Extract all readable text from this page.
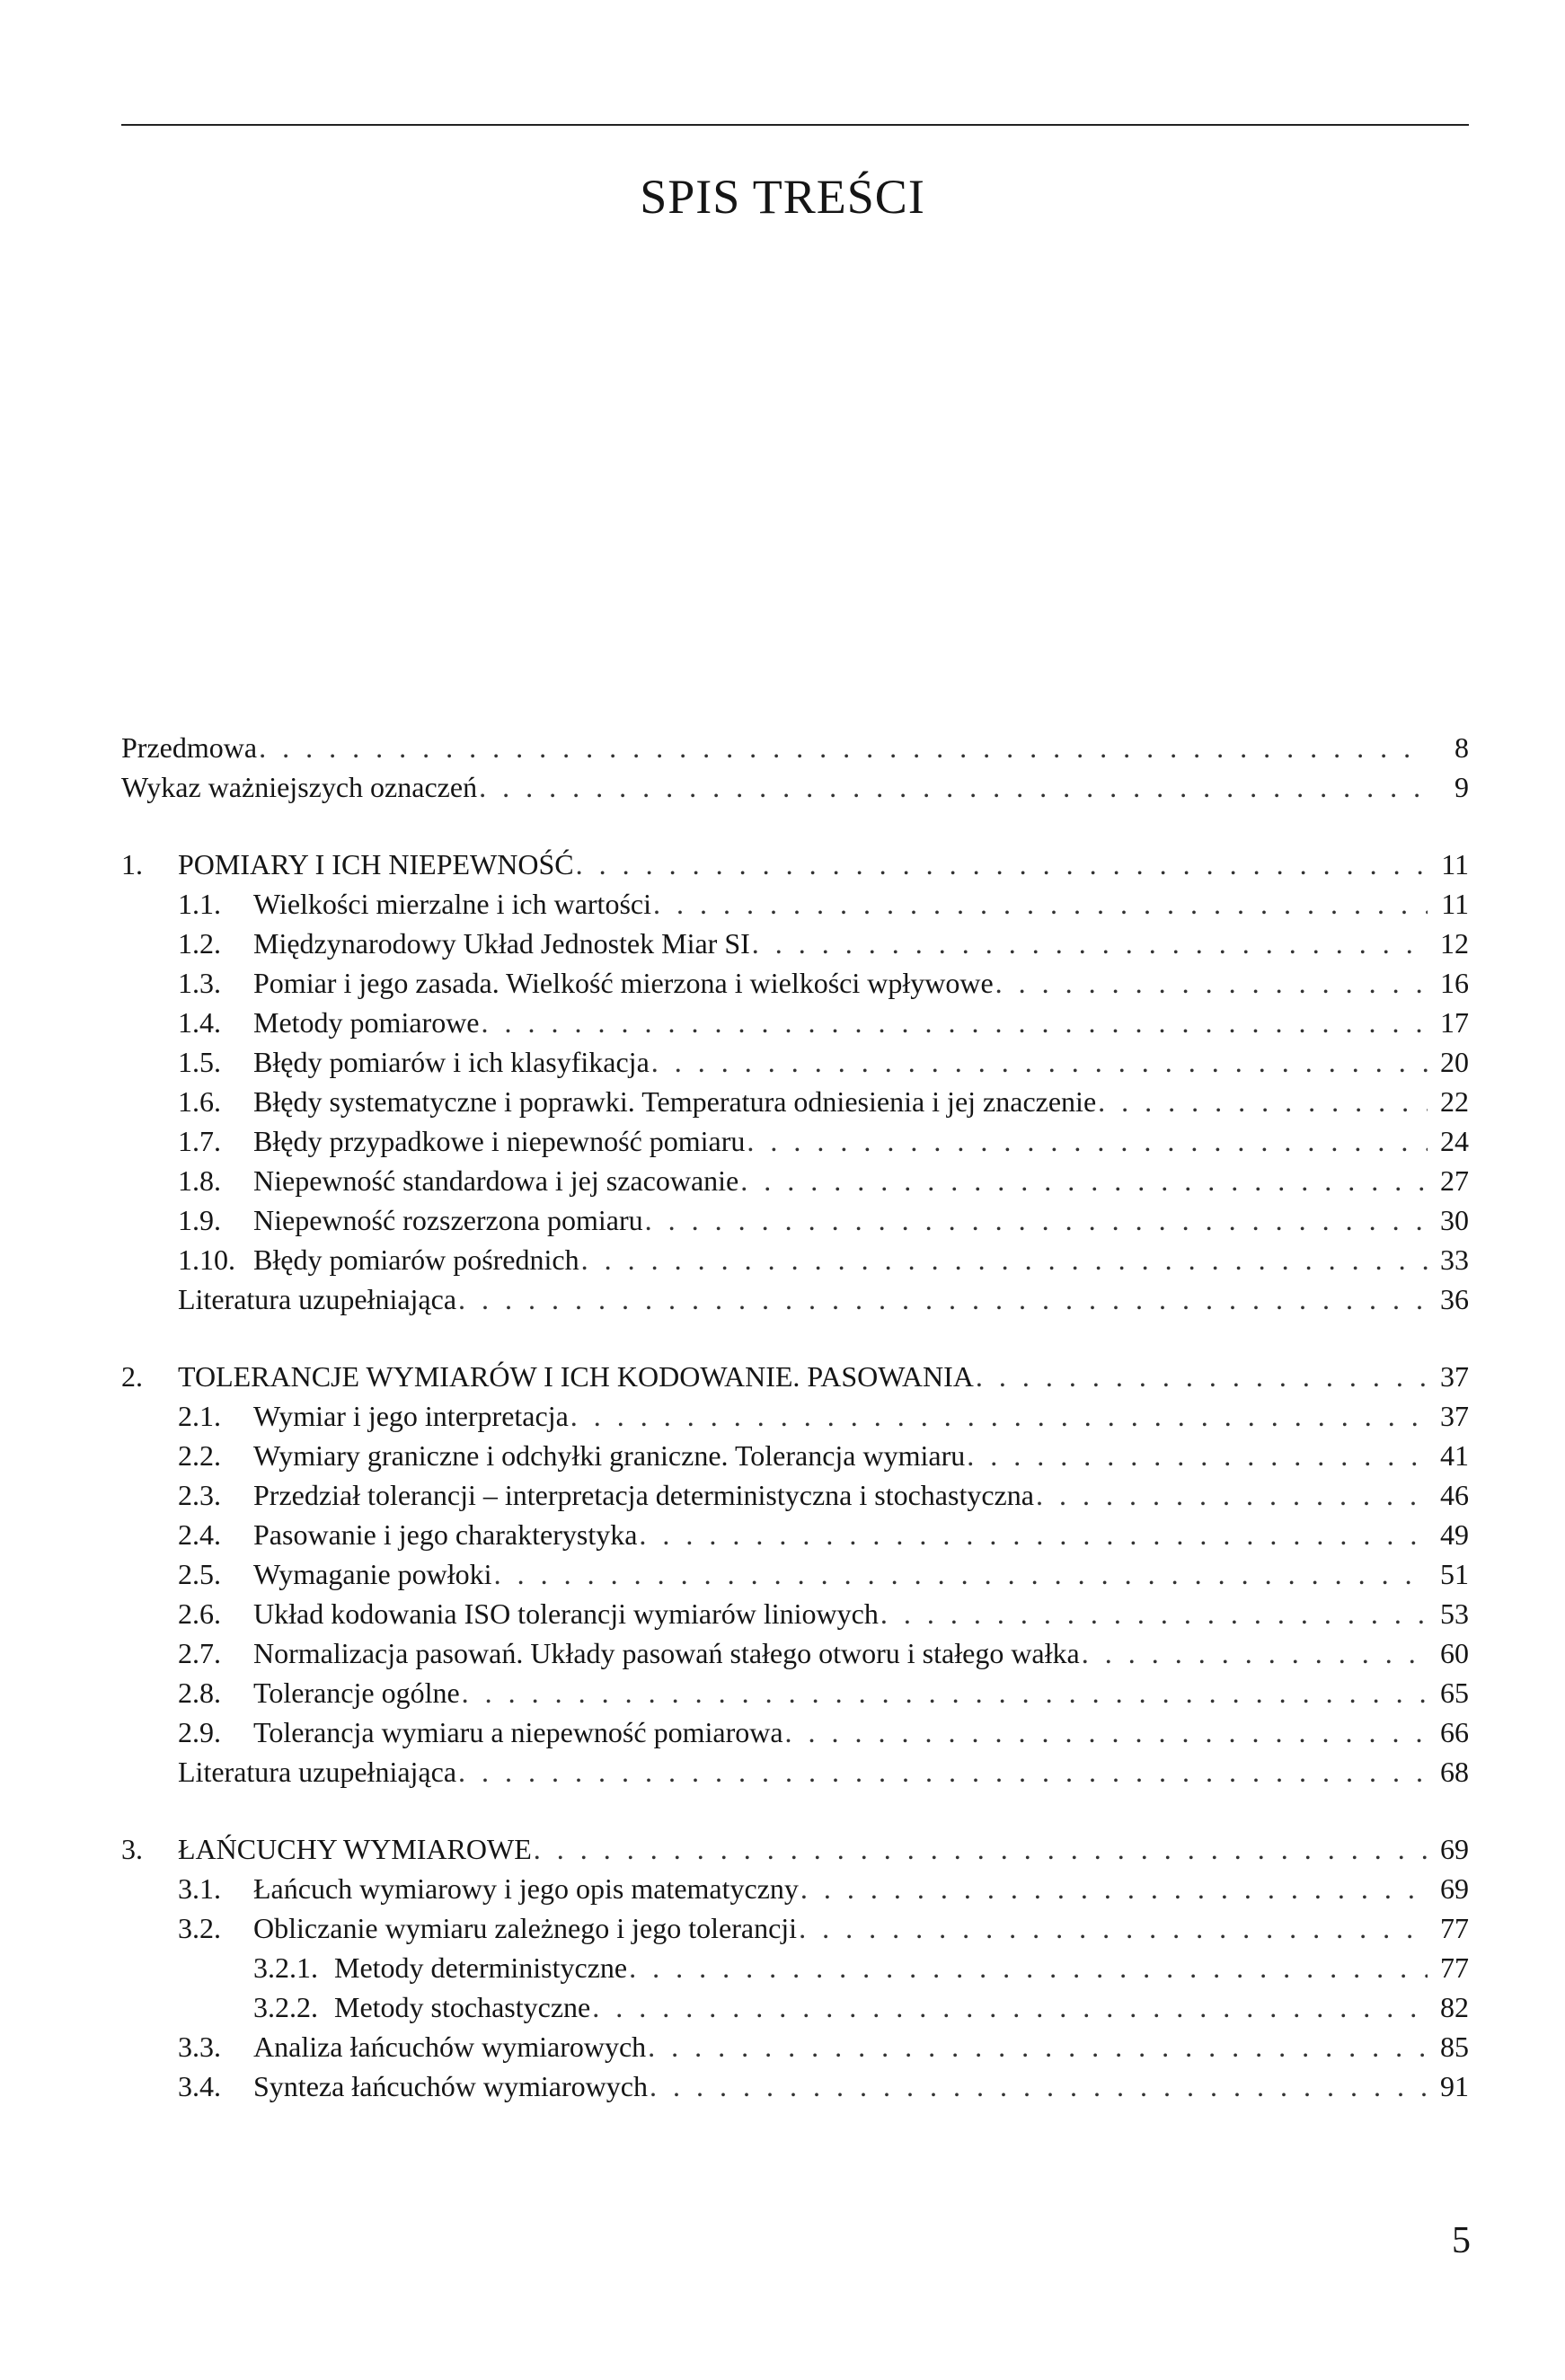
SPIS TREŚCI
Przedmowa . . .	8
Wykaz ważniejszych oznaczeń . . .	9
1.	POMIARY I ICH NIEPEWNOŚĆ . . .	11
1.1.	Wielkości mierzalne i ich wartości . . .	11
1.2.	Międzynarodowy Układ Jednostek Miar SI . . .	12
1.3.	Pomiar i jego zasada. Wielkość mierzona i wielkości wpływowe . . .	16
1.4.	Metody pomiarowe . . .	17
1.5.	Błędy pomiarów i ich klasyfikacja . . .	20
1.6.	Błędy systematyczne i poprawki. Temperatura odniesienia i jej znaczenie . . .	22
1.7.	Błędy przypadkowe i niepewność pomiaru . . .	24
1.8.	Niepewność standardowa i jej szacowanie . . .	27
1.9.	Niepewność rozszerzona pomiaru . . .	30
1.10. Błędy pomiarów pośrednich . . .	33
Literatura uzupełniająca . . .	36
2.	TOLERANCJE WYMIARÓW I ICH KODOWANIE. PASOWANIA . . .	37
2.1.	Wymiar i jego interpretacja . . .	37
2.2.	Wymiary graniczne i odchyłki graniczne. Tolerancja wymiaru . . .	41
2.3.	Przedział tolerancji – interpretacja deterministyczna i stochastyczna . . .	46
2.4.	Pasowanie i jego charakterystyka . . .	49
2.5.	Wymaganie powłoki . . .	51
2.6.	Układ kodowania ISO tolerancji wymiarów liniowych . . .	53
2.7.	Normalizacja pasowań. Układy pasowań stałego otworu i stałego wałka . . .	60
2.8.	Tolerancje ogólne . . .	65
2.9.	Tolerancja wymiaru a niepewność pomiarowa . . .	66
Literatura uzupełniająca . . .	68
3.	ŁAŃCUCHY WYMIAROWE . . .	69
3.1.	Łańcuch wymiarowy i jego opis matematyczny . . .	69
3.2.	Obliczanie wymiaru zależnego i jego tolerancji . . .	77
3.2.1. Metody deterministyczne . . .	77
3.2.2. Metody stochastyczne . . .	82
3.3.	Analiza łańcuchów wymiarowych . . .	85
3.4.	Synteza łańcuchów wymiarowych . . .	91
5
